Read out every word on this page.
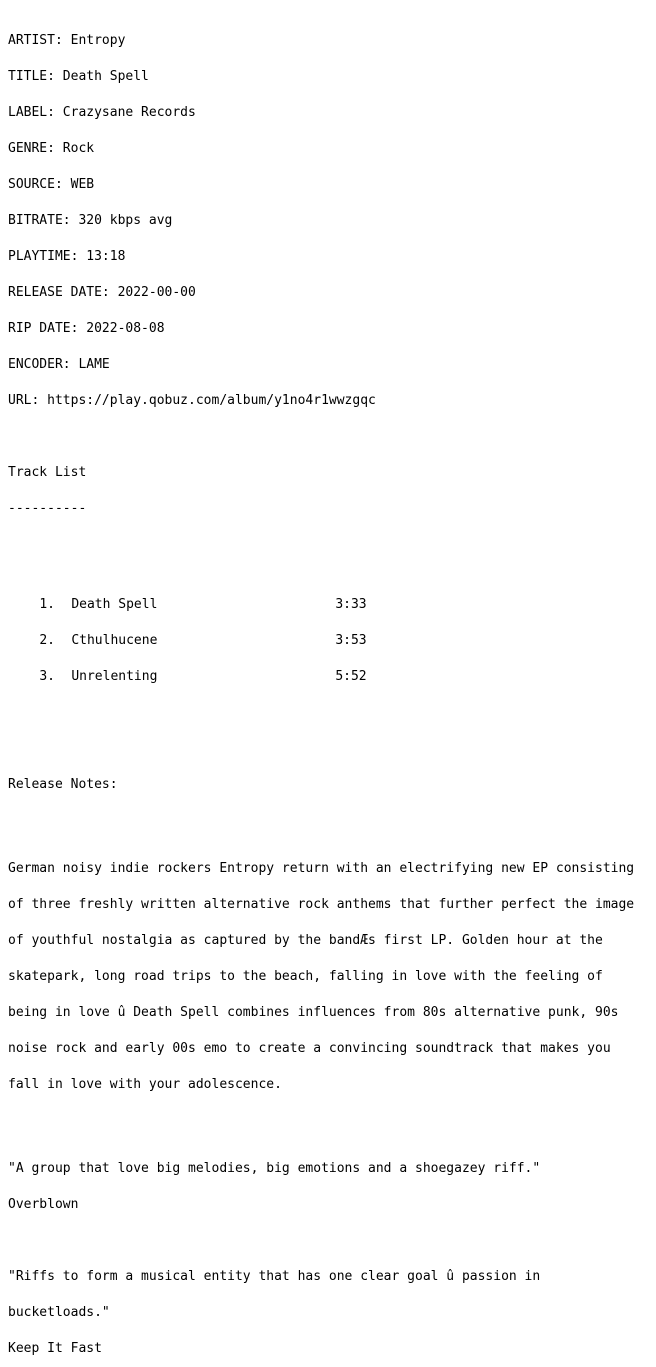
ARTIST: Entropy

TITLE: Death Spell

LABEL: Crazysane Records

GENRE: Rock

SOURCE: WEB

BITRATE: 320 kbps avg

PLAYTIME: 13:18

RELEASE DATE: 2022-00-00

RIP DATE: 2022-08-08

ENCODER: LAME

URL: https://play.qobuz.com/album/y1no4r1wwzgqc

Track List

----------

1. Death Spell	3:33

2. Cthulhucene	3:53

3. Unrelenting	5:52

Release Notes:

German noisy indie rockers Entropy return with an electrifying new EP consisting

of three freshly written alternative rock anthems that further perfect the image

of youthful nostalgia as captured by the bandÆs first LP. Golden hour at the

skatepark, long road trips to the beach, falling in love with the feeling of

being in love û Death Spell combines influences from 80s alternative punk, 90s

noise rock and early 00s emo to create a convincing soundtrack that makes you

fall in love with your adolescence.

"A group that love big melodies, big emotions and a shoegazey riff."

Overblown

"Riffs to form a musical entity that has one clear goal û passion in

bucketloads."

Keep It Fast
